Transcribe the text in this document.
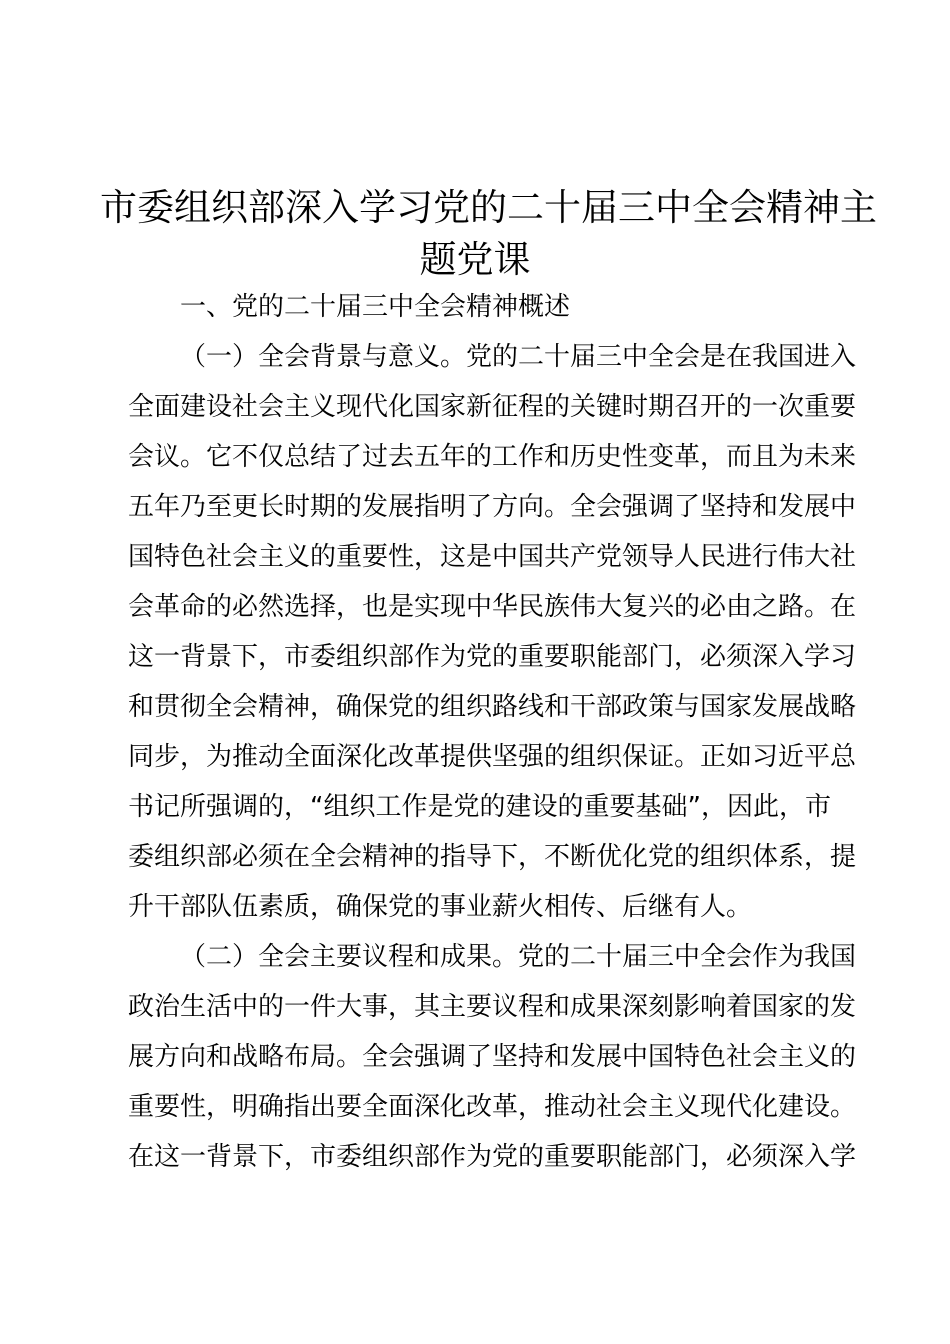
市委组织部深入学习党的二十届三中全会精神主
题党课
一、党的二十届三中全会精神概述
（一）全会背景与意义。党的二十届三中全会是在我国进入
全面建设社会主义现代化国家新征程的关键时期召开的一次重要
会议。它不仅总结了过去五年的工作和历史性变革，而且为未来
五年乃至更长时期的发展指明了方向。全会强调了坚持和发展中
国特色社会主义的重要性，这是中国共产党领导人民进行伟大社
会革命的必然选择，也是实现中华民族伟大复兴的必由之路。在
这一背景下，市委组织部作为党的重要职能部门，必须深入学习
和贯彻全会精神，确保党的组织路线和干部政策与国家发展战略
同步，为推动全面深化改革提供坚强的组织保证。正如习近平总
书记所强调的，“组织工作是党的建设的重要基础”，因此，市
委组织部必须在全会精神的指导下，不断优化党的组织体系，提
升干部队伍素质，确保党的事业薪火相传、后继有人。
（二）全会主要议程和成果。党的二十届三中全会作为我国
政治生活中的一件大事，其主要议程和成果深刻影响着国家的发
展方向和战略布局。全会强调了坚持和发展中国特色社会主义的
重要性，明确指出要全面深化改革，推动社会主义现代化建设。
在这一背景下，市委组织部作为党的重要职能部门，必须深入学
